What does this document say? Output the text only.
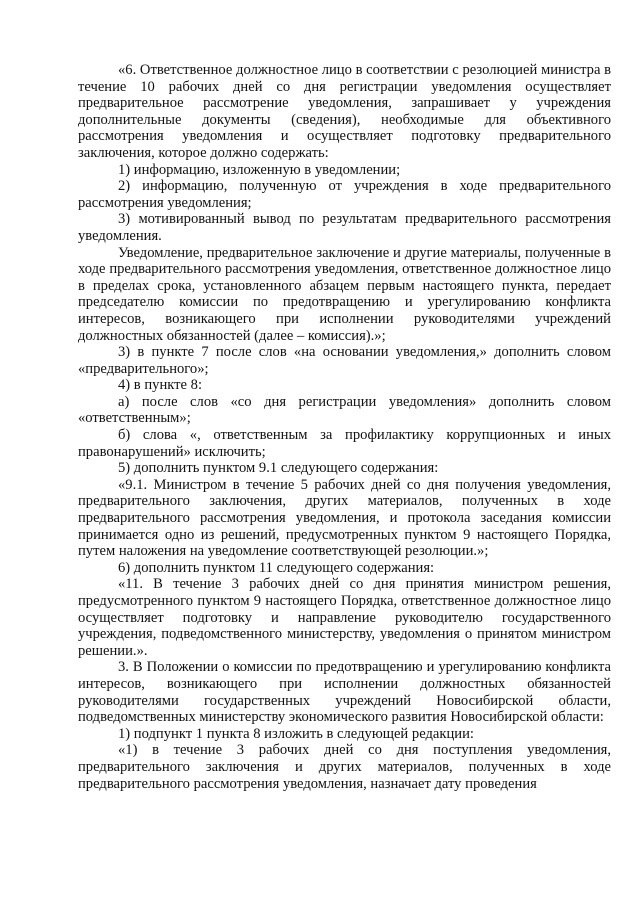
«6. Ответственное должностное лицо в соответствии с резолюцией министра в течение 10 рабочих дней со дня регистрации уведомления осуществляет предварительное рассмотрение уведомления, запрашивает у учреждения дополнительные документы (сведения), необходимые для объективного рассмотрения уведомления и осуществляет подготовку предварительного заключения, которое должно содержать:

1) информацию, изложенную в уведомлении;

2) информацию, полученную от учреждения в ходе предварительного рассмотрения уведомления;

3) мотивированный вывод по результатам предварительного рассмотрения уведомления.

Уведомление, предварительное заключение и другие материалы, полученные в ходе предварительного рассмотрения уведомления, ответственное должностное лицо в пределах срока, установленного абзацем первым настоящего пункта, передает председателю комиссии по предотвращению и урегулированию конфликта интересов, возникающего при исполнении руководителями учреждений должностных обязанностей (далее – комиссия).»;

3) в пункте 7 после слов «на основании уведомления,» дополнить словом «предварительного»;

4) в пункте 8:

а) после слов «со дня регистрации уведомления» дополнить словом «ответственным»;

б) слова «, ответственным за профилактику коррупционных и иных правонарушений» исключить;

5) дополнить пунктом 9.1 следующего содержания:

«9.1. Министром в течение 5 рабочих дней со дня получения уведомления, предварительного заключения, других материалов, полученных в ходе предварительного рассмотрения уведомления, и протокола заседания комиссии принимается одно из решений, предусмотренных пунктом 9 настоящего Порядка, путем наложения на уведомление соответствующей резолюции.»;

6) дополнить пунктом 11 следующего содержания:

«11. В течение 3 рабочих дней со дня принятия министром решения, предусмотренного пунктом 9 настоящего Порядка, ответственное должностное лицо осуществляет подготовку и направление руководителю государственного учреждения, подведомственного министерству, уведомления о принятом министром решении.».

3. В Положении о комиссии по предотвращению и урегулированию конфликта интересов, возникающего при исполнении должностных обязанностей руководителями государственных учреждений Новосибирской области, подведомственных министерству экономического развития Новосибирской области:

1) подпункт 1 пункта 8 изложить в следующей редакции:

«1) в течение 3 рабочих дней со дня поступления уведомления, предварительного заключения и других материалов, полученных в ходе предварительного рассмотрения уведомления, назначает дату проведения
